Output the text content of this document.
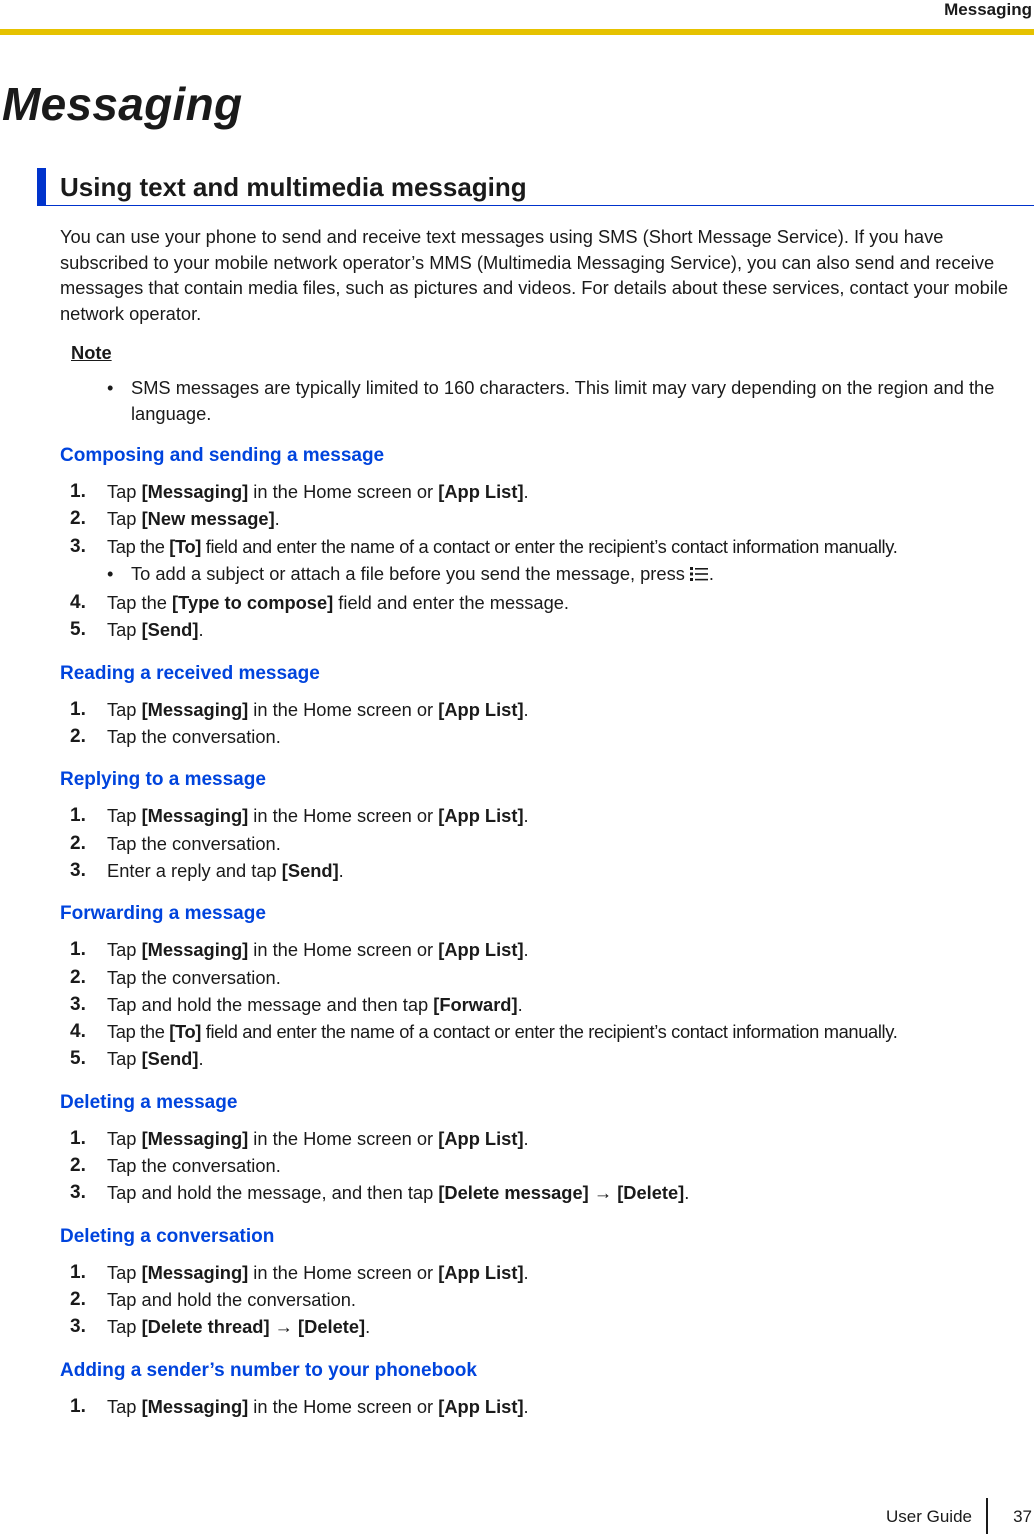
Messaging
Messaging
Using text and multimedia messaging

You can use your phone to send and receive text messages using SMS (Short Message Service). If you have subscribed to your mobile network operator’s MMS (Multimedia Messaging Service), you can also send and receive messages that contain media files, such as pictures and videos. For details about these services, contact your mobile network operator.

Note
• SMS messages are typically limited to 160 characters. This limit may vary depending on the region and the language.
Composing and sending a message
1.	Tap [Messaging] in the Home screen or [App List].
2.	Tap [New message].
3.	Tap the [To] field and enter the name of a contact or enter the recipient’s contact information manually.
• To add a subject or attach a file before you send the message, press .
4.	Tap the [Type to compose] field and enter the message.
5.	Tap [Send].
Reading a received message
1.	Tap [Messaging] in the Home screen or [App List].
2.	Tap the conversation.
Replying to a message
1.	Tap [Messaging] in the Home screen or [App List].
2.	Tap the conversation.
3.	Enter a reply and tap [Send].
Forwarding a message
1.	Tap [Messaging] in the Home screen or [App List].
2.	Tap the conversation.
3.	Tap and hold the message and then tap [Forward].
4.	Tap the [To] field and enter the name of a contact or enter the recipient’s contact information manually.
5.	Tap [Send].
Deleting a message
1.	Tap [Messaging] in the Home screen or [App List].
2.	Tap the conversation.
3.	Tap and hold the message, and then tap [Delete message] → [Delete].
Deleting a conversation
1.	Tap [Messaging] in the Home screen or [App List].
2.	Tap and hold the conversation.
3.	Tap [Delete thread] → [Delete].
Adding a sender’s number to your phonebook
1.	Tap [Messaging] in the Home screen or [App List].
User Guide 37
